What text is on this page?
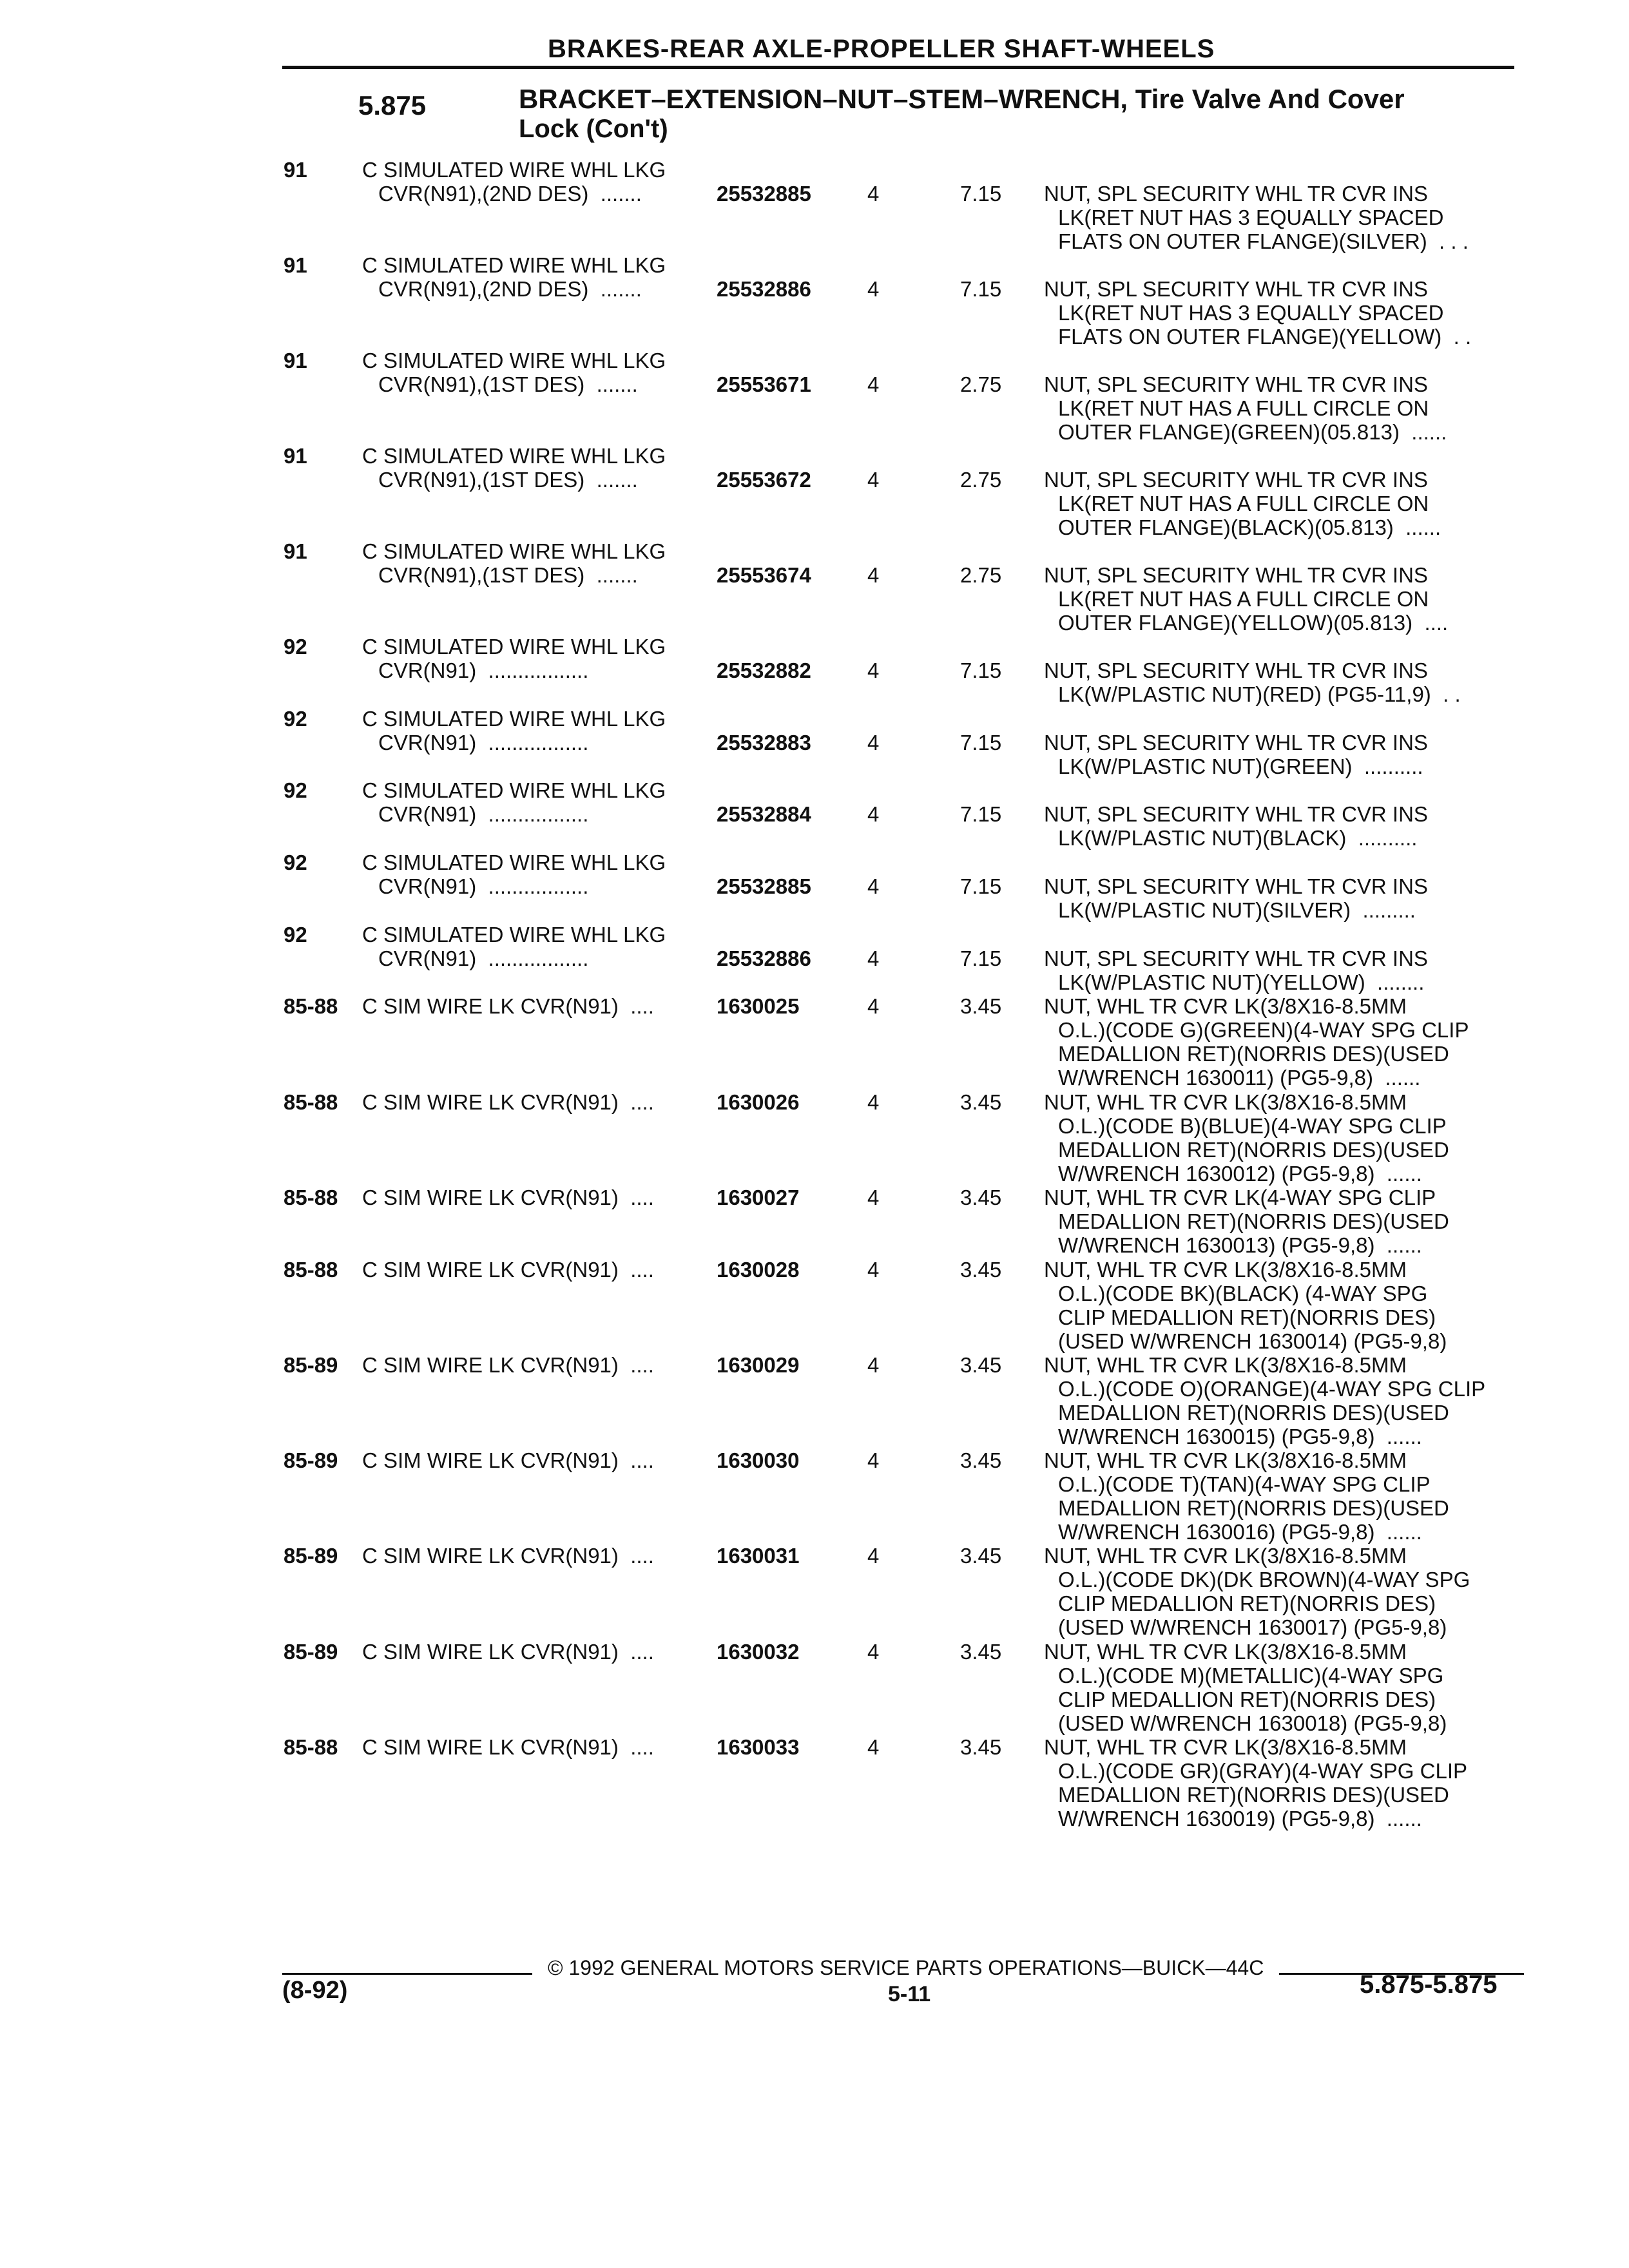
BRAKES-REAR AXLE-PROPELLER SHAFT-WHEELS
5.875	BRACKET–EXTENSION–NUT–STEM–WRENCH, Tire Valve And Cover
Lock (Con't)
91	C SIMULATED WIRE WHL LKG
CVR(N91),(2ND DES)  .......	25532885	4	7.15 NUT, SPL SECURITY WHL TR CVR INS
LK(RET NUT HAS 3 EQUALLY SPACED
FLATS ON OUTER FLANGE)(SILVER)  . . .
91	C SIMULATED WIRE WHL LKG
CVR(N91),(2ND DES)  .......	25532886	4	7.15 NUT, SPL SECURITY WHL TR CVR INS
LK(RET NUT HAS 3 EQUALLY SPACED
FLATS ON OUTER FLANGE)(YELLOW)  . .
91	C SIMULATED WIRE WHL LKG
CVR(N91),(1ST DES)  .......	25553671	4	2.75 NUT, SPL SECURITY WHL TR CVR INS
LK(RET NUT HAS A FULL CIRCLE ON
OUTER FLANGE)(GREEN)(05.813)  ......
91	C SIMULATED WIRE WHL LKG
CVR(N91),(1ST DES)  .......	25553672	4	2.75 NUT, SPL SECURITY WHL TR CVR INS
LK(RET NUT HAS A FULL CIRCLE ON
OUTER FLANGE)(BLACK)(05.813)  ......
91	C SIMULATED WIRE WHL LKG
CVR(N91),(1ST DES)  .......	25553674	4	2.75 NUT, SPL SECURITY WHL TR CVR INS
LK(RET NUT HAS A FULL CIRCLE ON
OUTER FLANGE)(YELLOW)(05.813)  ....
92	C SIMULATED WIRE WHL LKG
CVR(N91)  .................	25532882	4	7.15 NUT, SPL SECURITY WHL TR CVR INS
LK(W/PLASTIC NUT)(RED) (PG5-11,9)  . .
92	C SIMULATED WIRE WHL LKG
CVR(N91)  .................	25532883	4	7.15 NUT, SPL SECURITY WHL TR CVR INS
LK(W/PLASTIC NUT)(GREEN)  ..........
92	C SIMULATED WIRE WHL LKG
CVR(N91)  .................	25532884	4	7.15 NUT, SPL SECURITY WHL TR CVR INS
LK(W/PLASTIC NUT)(BLACK)  ..........
92	C SIMULATED WIRE WHL LKG
CVR(N91)  .................	25532885	4	7.15 NUT, SPL SECURITY WHL TR CVR INS
LK(W/PLASTIC NUT)(SILVER)  .........
92	C SIMULATED WIRE WHL LKG
CVR(N91)  .................	25532886	4	7.15 NUT, SPL SECURITY WHL TR CVR INS
LK(W/PLASTIC NUT)(YELLOW)  ........
85-88 C SIM WIRE LK CVR(N91)  ....	1630025	4	3.45 NUT, WHL TR CVR LK(3/8X16-8.5MM
O.L.)(CODE G)(GREEN)(4-WAY SPG CLIP
MEDALLION RET)(NORRIS DES)(USED
W/WRENCH 1630011) (PG5-9,8)  ......
85-88 C SIM WIRE LK CVR(N91)  ....	1630026	4	3.45 NUT, WHL TR CVR LK(3/8X16-8.5MM
O.L.)(CODE B)(BLUE)(4-WAY SPG CLIP
MEDALLION RET)(NORRIS DES)(USED
W/WRENCH 1630012) (PG5-9,8)  ......
85-88 C SIM WIRE LK CVR(N91)  ....	1630027	4	3.45 NUT, WHL TR CVR LK(4-WAY SPG CLIP
MEDALLION RET)(NORRIS DES)(USED
W/WRENCH 1630013) (PG5-9,8)  ......
85-88 C SIM WIRE LK CVR(N91)  ....	1630028	4	3.45 NUT, WHL TR CVR LK(3/8X16-8.5MM
O.L.)(CODE BK)(BLACK) (4-WAY SPG
CLIP MEDALLION RET)(NORRIS DES)
(USED W/WRENCH 1630014) (PG5-9,8)
85-89 C SIM WIRE LK CVR(N91)  ....	1630029	4	3.45 NUT, WHL TR CVR LK(3/8X16-8.5MM
O.L.)(CODE O)(ORANGE)(4-WAY SPG CLIP
MEDALLION RET)(NORRIS DES)(USED
W/WRENCH 1630015) (PG5-9,8)  ......
85-89 C SIM WIRE LK CVR(N91)  ....	1630030	4	3.45 NUT, WHL TR CVR LK(3/8X16-8.5MM
O.L.)(CODE T)(TAN)(4-WAY SPG CLIP
MEDALLION RET)(NORRIS DES)(USED
W/WRENCH 1630016) (PG5-9,8)  ......
85-89 C SIM WIRE LK CVR(N91)  ....	1630031	4	3.45 NUT, WHL TR CVR LK(3/8X16-8.5MM
O.L.)(CODE DK)(DK BROWN)(4-WAY SPG
CLIP MEDALLION RET)(NORRIS DES)
(USED W/WRENCH 1630017) (PG5-9,8)
85-89 C SIM WIRE LK CVR(N91)  ....	1630032	4	3.45 NUT, WHL TR CVR LK(3/8X16-8.5MM
O.L.)(CODE M)(METALLIC)(4-WAY SPG
CLIP MEDALLION RET)(NORRIS DES)
(USED W/WRENCH 1630018) (PG5-9,8)
85-88 C SIM WIRE LK CVR(N91)  ....	1630033	4	3.45 NUT, WHL TR CVR LK(3/8X16-8.5MM
O.L.)(CODE GR)(GRAY)(4-WAY SPG CLIP
MEDALLION RET)(NORRIS DES)(USED
W/WRENCH 1630019) (PG5-9,8)  ......
© 1992 GENERAL MOTORS SERVICE PARTS OPERATIONS—BUICK—44C
(8-92)	5-11	5.875-5.875
